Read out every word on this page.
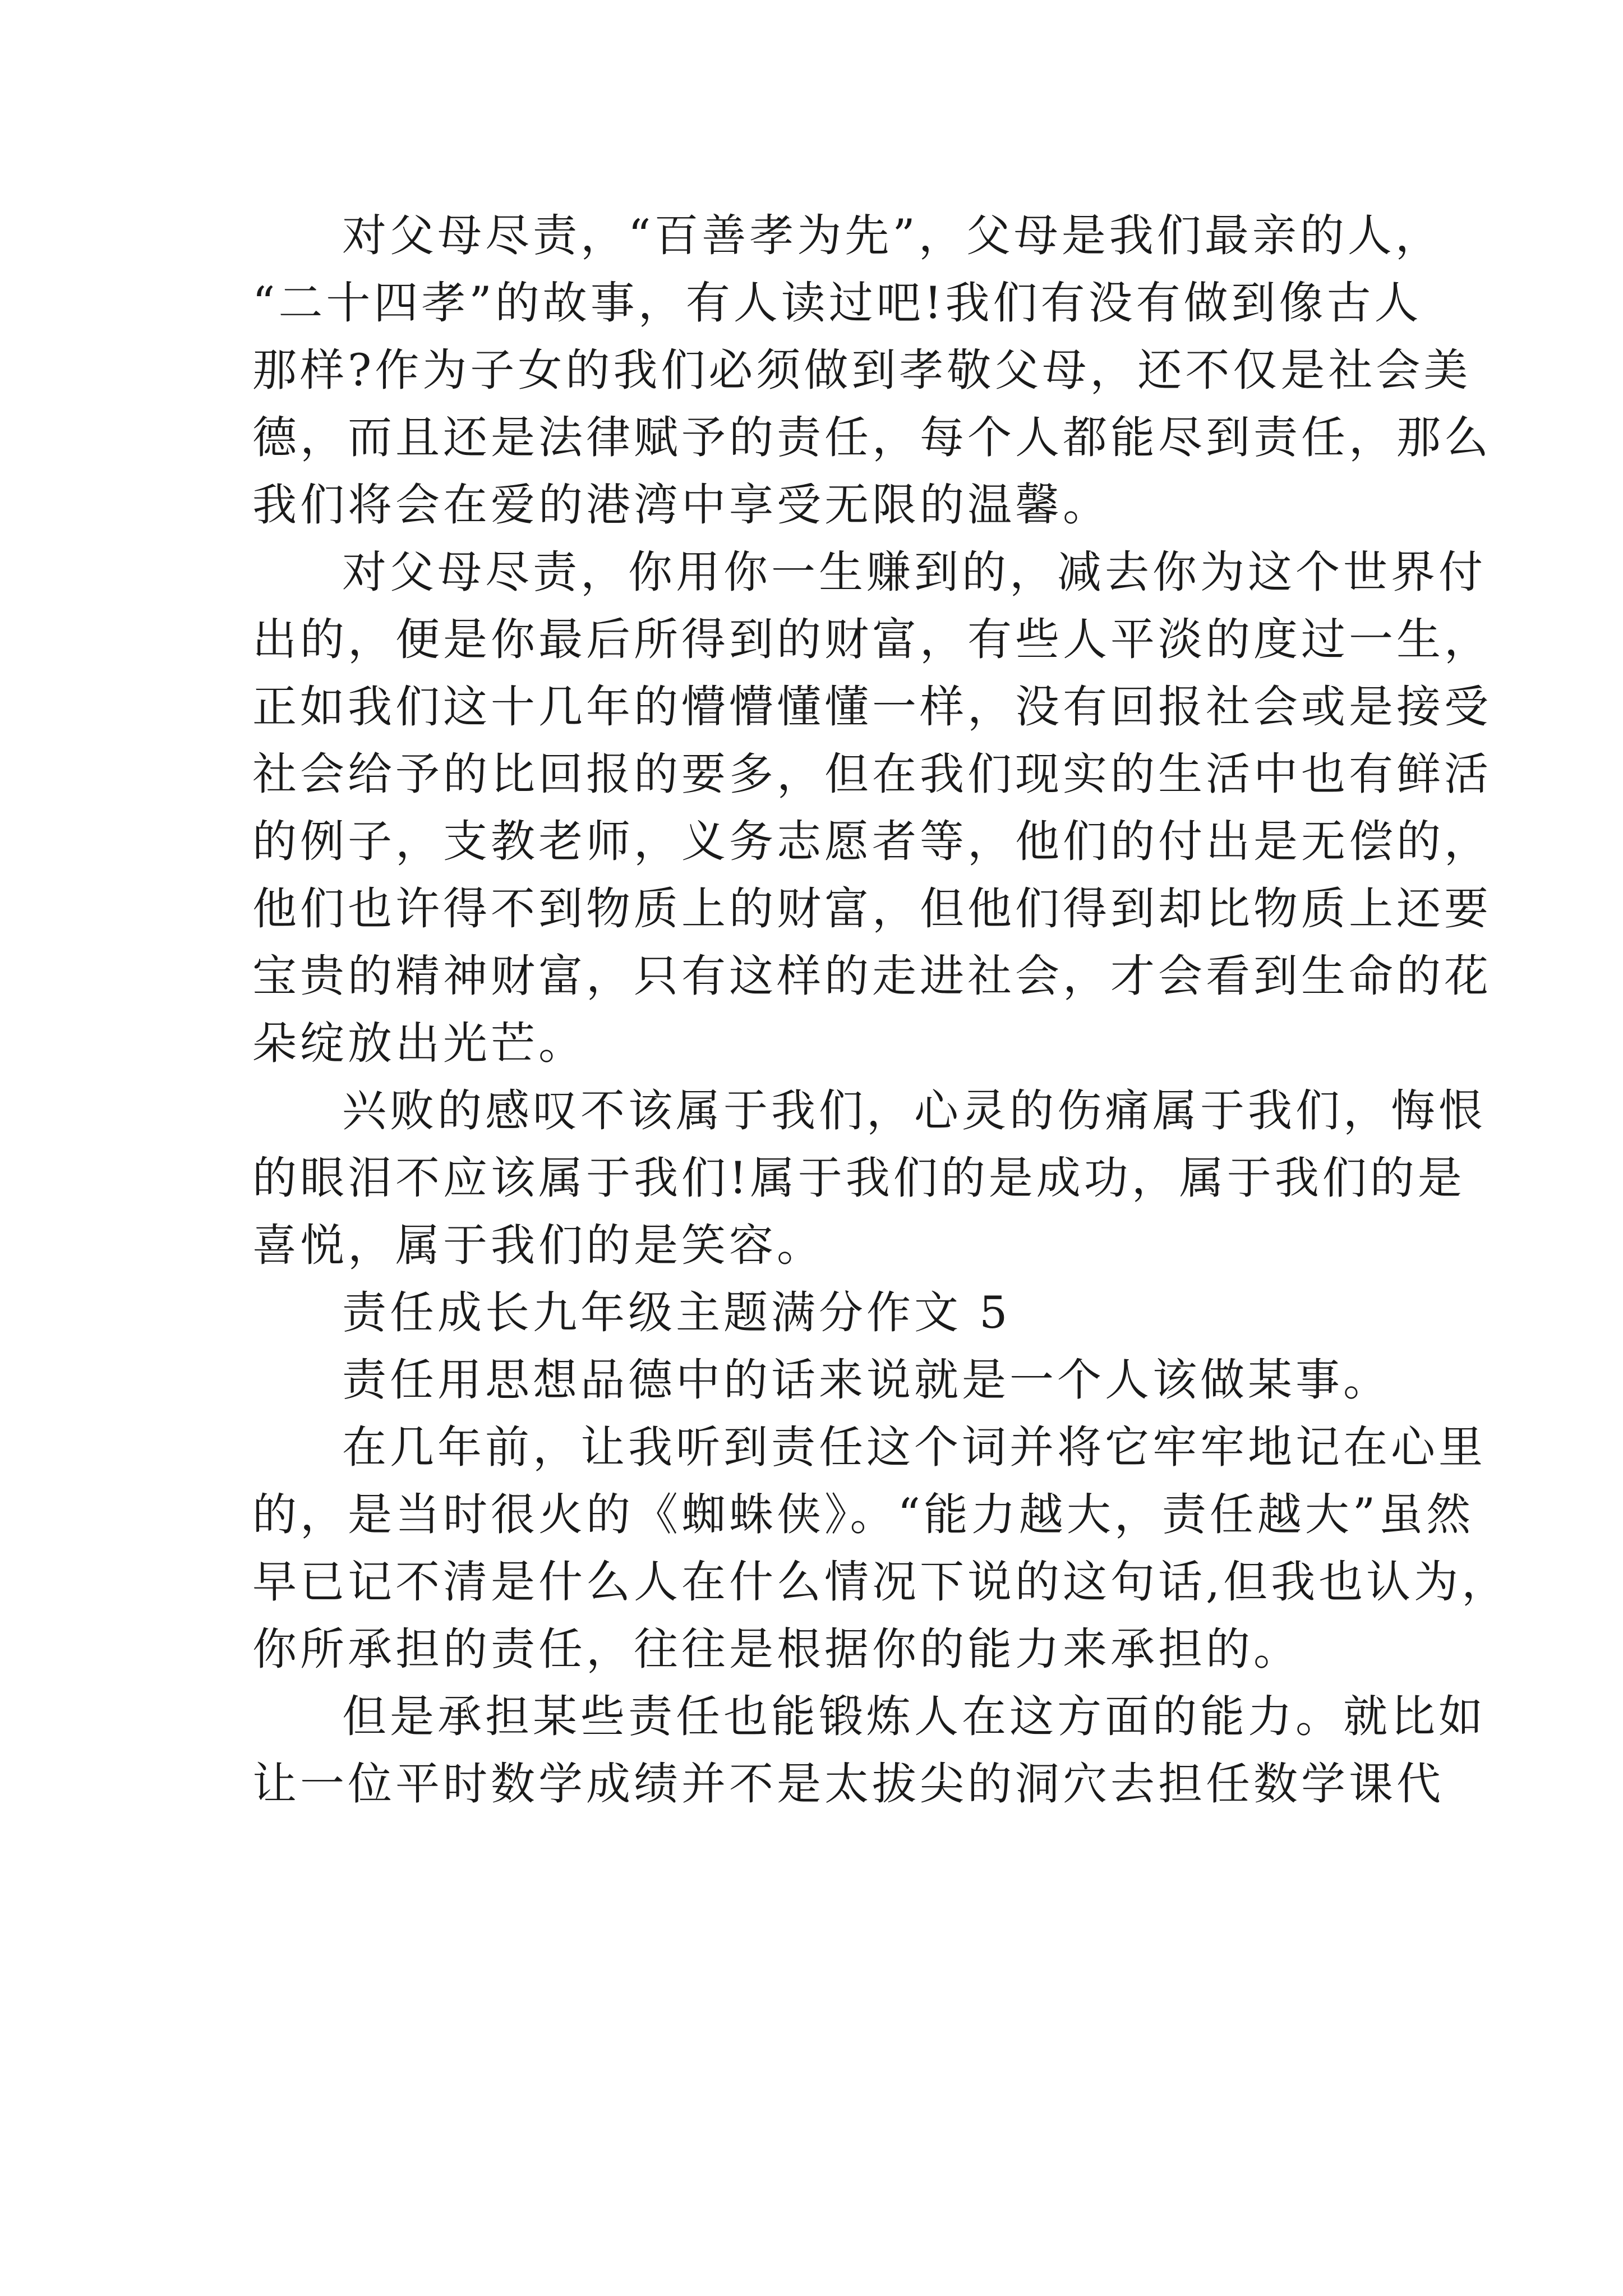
对父母尽责，“百善孝为先”，父母是我们最亲的人，
“二十四孝”的故事，有人读过吧!我们有没有做到像古人
那样?作为子女的我们必须做到孝敬父母，还不仅是社会美
德，而且还是法律赋予的责任，每个人都能尽到责任，那么
我们将会在爱的港湾中享受无限的温馨。
对父母尽责，你用你一生赚到的，减去你为这个世界付
出的，便是你最后所得到的财富，有些人平淡的度过一生，
正如我们这十几年的懵懵懂懂一样，没有回报社会或是接受
社会给予的比回报的要多，但在我们现实的生活中也有鲜活
的例子，支教老师，义务志愿者等，他们的付出是无偿的，
他们也许得不到物质上的财富，但他们得到却比物质上还要
宝贵的精神财富，只有这样的走进社会，才会看到生命的花
朵绽放出光芒。
兴败的感叹不该属于我们，心灵的伤痛属于我们，悔恨
的眼泪不应该属于我们!属于我们的是成功，属于我们的是
喜悦，属于我们的是笑容。
责任成长九年级主题满分作文 5
责任用思想品德中的话来说就是一个人该做某事。
在几年前，让我听到责任这个词并将它牢牢地记在心里
的，是当时很火的《蜘蛛侠》。“能力越大，责任越大”虽然
早已记不清是什么人在什么情况下说的这句话,但我也认为，
你所承担的责任，往往是根据你的能力来承担的。
但是承担某些责任也能锻炼人在这方面的能力。就比如
让一位平时数学成绩并不是太拔尖的洞穴去担任数学课代
